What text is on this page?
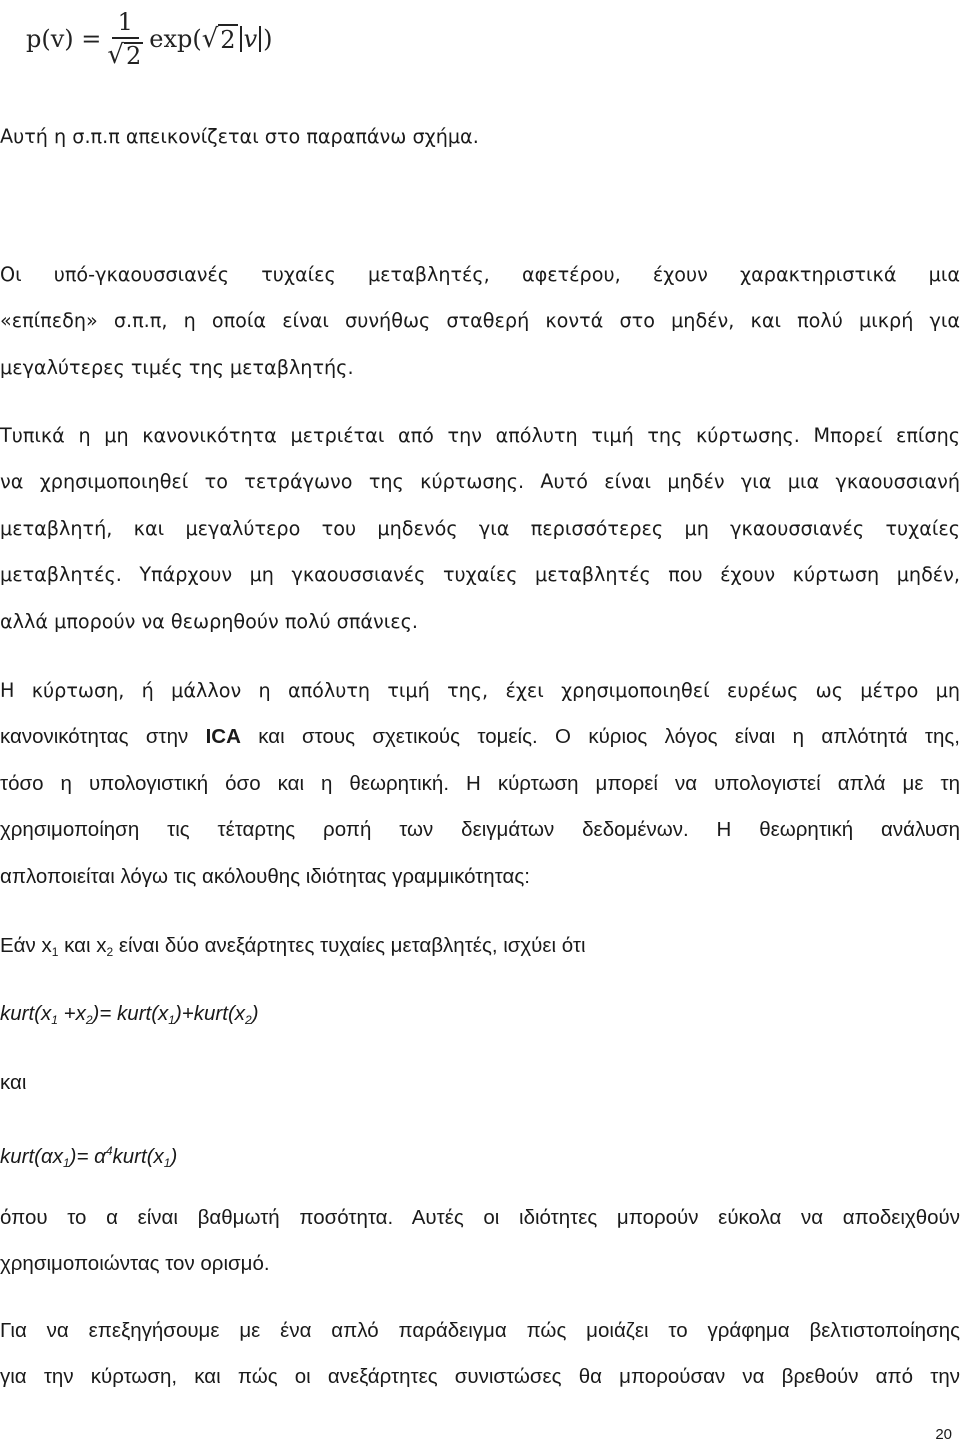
$p(v) = \frac{1}{√ 2} \exp$( √ 2 v )
Αυτή η σ.π.π απεικονίζεται στο παραπάνω σχήμα.
Οι υπό-γκαουσσιανές τυχαίες μεταβλητές, αφετέρου, έχουν χαρακτηριστικά μια
«επίπεδη» σ.π.π, η οποία είναι συνήθως σταθερή κοντά στο μηδέν, και πολύ μικρή για
μεγαλύτερες τιμές της μεταβλητής.
Τυπικά η μη κανονικότητα μετριέται από την απόλυτη τιμή της κύρτωσης. Μπορεί επίσης
να χρησιμοποιηθεί το τετράγωνο της κύρτωσης. Αυτό είναι μηδέν για μια γκαουσσιανή
μεταβλητή, και μεγαλύτερο του μηδενός για περισσότερες μη γκαουσσιανές τυχαίες
μεταβλητές. Υπάρχουν μη γκαουσσιανές τυχαίες μεταβλητές που έχουν κύρτωση μηδέν,
αλλά μπορούν να θεωρηθούν πολύ σπάνιες.
Η κύρτωση, ή μάλλον η απόλυτη τιμή της, έχει χρησιμοποιηθεί ευρέως ως μέτρο μη
κανονικότητας στην ICA και στους σχετικούς τομείς. Ο κύριος λόγος είναι η απλότητά της,
τόσο η υπολογιστική όσο και η θεωρητική. Η κύρτωση μπορεί να υπολογιστεί απλά με τη
χρησιμοποίηση τις τέταρτης ροπή των δειγμάτων δεδομένων. Η θεωρητική ανάλυση
απλοποιείται λόγω τις ακόλουθης ιδιότητας γραμμικότητας:
Εάν $x_1$ και $x_2$ είναι δύο ανεξάρτητες τυχαίες μεταβλητές, ισχύει ότι
$kurt(x_1 +x_2)=$ $kurt(x_1)+kurt(x_2)$
και
$kurt(\alpha x_1)=$ $\alpha^4kurt(x_1)$
όπου το α είναι βαθμωτή ποσότητα. Αυτές οι ιδιότητες μπορούν εύκολα να αποδειχθούν
χρησιμοποιώντας τον ορισμό.
Για να επεξηγήσουμε με ένα απλό παράδειγμα πώς μοιάζει το γράφημα βελτιστοποίησης
για την κύρτωση, και πώς οι ανεξάρτητες συνιστώσες θα μπορούσαν να βρεθούν από την
20
